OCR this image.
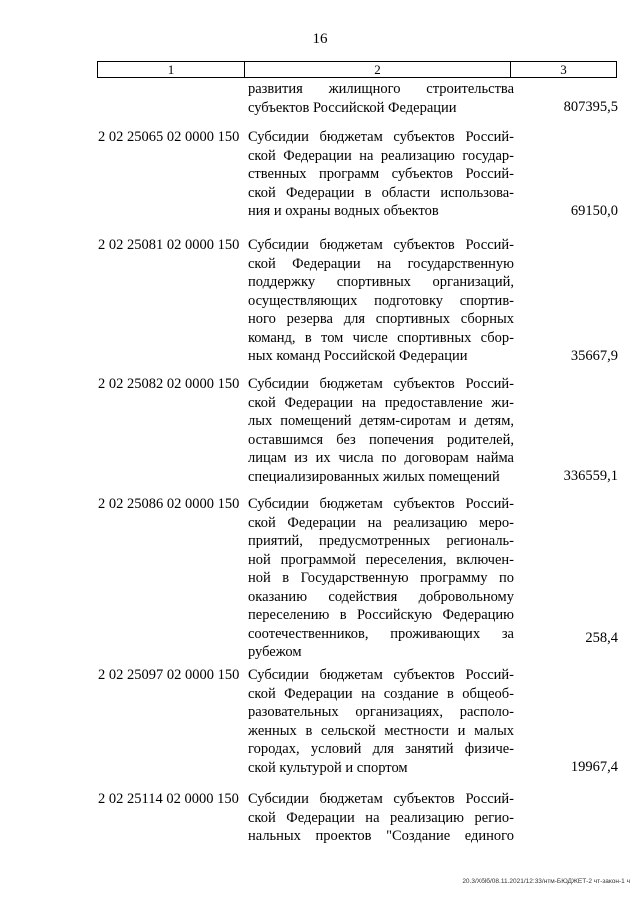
16
1	2	3
развития жилищного строительства
субъектов Российской Федерации	807395,5
2 02 25065 02 0000 150 Субсидии бюджетам субъектов Россий-
ской Федерации на реализацию государ-
ственных программ субъектов Россий-
ской Федерации в области использова-
ния и охраны водных объектов	69150,0
2 02 25081 02 0000 150 Субсидии бюджетам субъектов Россий-
ской Федерации на государственную
поддержку спортивных организаций,
осуществляющих подготовку спортив-
ного резерва для спортивных сборных
команд, в том числе спортивных сбор-
ных команд Российской Федерации	35667,9
2 02 25082 02 0000 150 Субсидии бюджетам субъектов Россий-
ской Федерации на предоставление жи-
лых помещений детям-сиротам и детям,
оставшимся без попечения родителей,
лицам из их числа по договорам найма
специализированных жилых помещений	336559,1
2 02 25086 02 0000 150 Субсидии бюджетам субъектов Россий-
ской Федерации на реализацию меро-
приятий, предусмотренных региональ-
ной программой переселения, включен-
ной в Государственную программу по
оказанию содействия добровольному
переселению в Российскую Федерацию
соотечественников, проживающих за
рубежом
258,4
2 02 25097 02 0000 150 Субсидии бюджетам субъектов Россий-
ской Федерации на создание в общеоб-
разовательных организациях, располо-
женных в сельской местности и малых
городах, условий для занятий физиче-
ской культурой и спортом	19967,4
2 02 25114 02 0000 150 Субсидии бюджетам субъектов Россий-
ской Федерации на реализацию регио-
нальных проектов "Создание единого
20.3/Xбlб/08.11.2021/12:33/нтм-БЮДЖЕТ-2 чт-закон-1 ч
